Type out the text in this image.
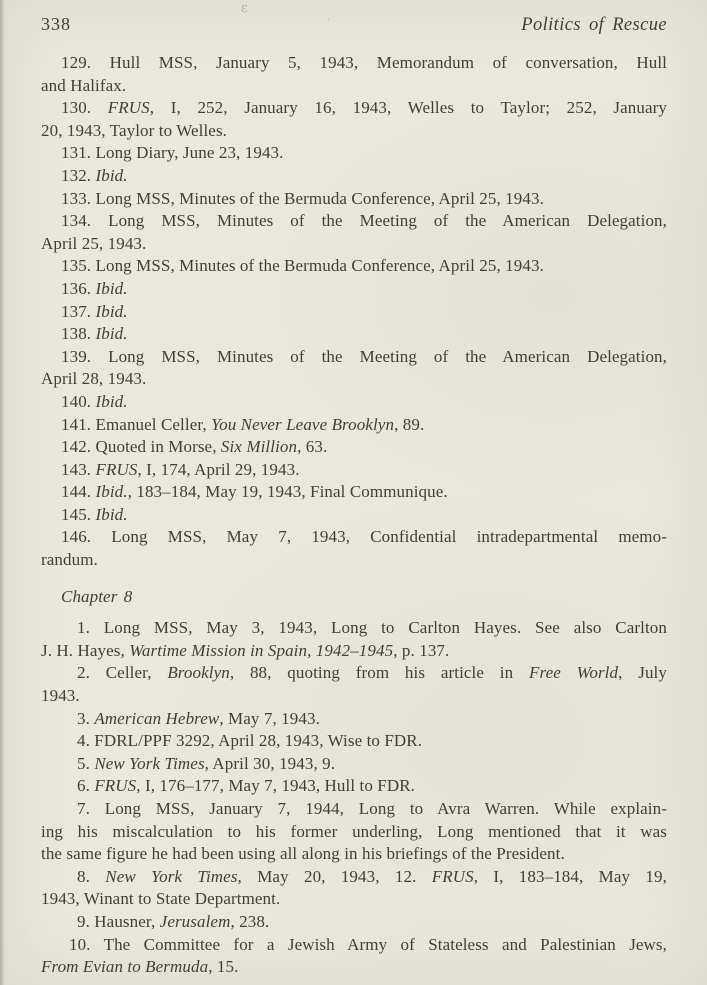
338	Politics of Rescue
129. Hull MSS, January 5, 1943, Memorandum of conversation, Hull
and Halifax.
130. FRUS, I, 252, January 16, 1943, Welles to Taylor; 252, January
20, 1943, Taylor to Welles.
131. Long Diary, June 23, 1943.
132. Ibid.
133. Long MSS, Minutes of the Bermuda Conference, April 25, 1943.
134. Long MSS, Minutes of the Meeting of the American Delegation,
April 25, 1943.
135. Long MSS, Minutes of the Bermuda Conference, April 25, 1943.
136. Ibid.
137. Ibid.
138. Ibid.
139. Long MSS, Minutes of the Meeting of the American Delegation,
April 28, 1943.
140. Ibid.
141. Emanuel Celler, You Never Leave Brooklyn, 89.
142. Quoted in Morse, Six Million, 63.
143. FRUS, I, 174, April 29, 1943.
144. Ibid., 183–184, May 19, 1943, Final Communique.
145. Ibid.
146. Long MSS, May 7, 1943, Confidential intradepartmental memo-
randum.

Chapter 8

1. Long MSS, May 3, 1943, Long to Carlton Hayes. See also Carlton
J. H. Hayes, Wartime Mission in Spain, 1942–1945, p. 137.
2. Celler, Brooklyn, 88, quoting from his article in Free World, July
1943.
3. American Hebrew, May 7, 1943.
4. FDRL/PPF 3292, April 28, 1943, Wise to FDR.
5. New York Times, April 30, 1943, 9.
6. FRUS, I, 176–177, May 7, 1943, Hull to FDR.
7. Long MSS, January 7, 1944, Long to Avra Warren. While explain-
ing his miscalculation to his former underling, Long mentioned that it was
the same figure he had been using all along in his briefings of the President.
8. New York Times, May 20, 1943, 12. FRUS, I, 183–184, May 19,
1943, Winant to State Department.
9. Hausner, Jerusalem, 238.
10. The Committee for a Jewish Army of Stateless and Palestinian Jews,
From Evian to Bermuda, 15.
ε
’
